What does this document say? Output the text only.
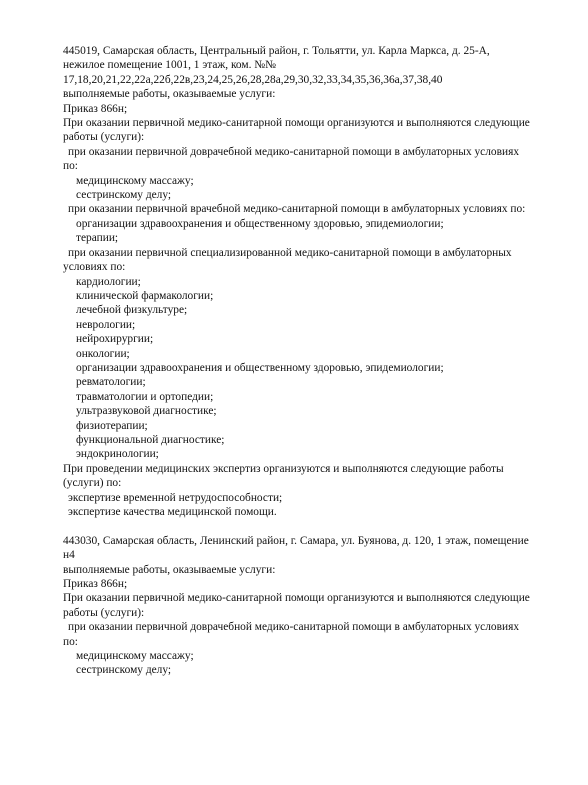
445019, Самарская область, Центральный район, г. Тольятти, ул. Карла Маркса, д. 25-А,
нежилое помещение 1001, 1 этаж, ком. №№
17,18,20,21,22,22а,22б,22в,23,24,25,26,28,28а,29,30,32,33,34,35,36,36а,37,38,40
выполняемые работы, оказываемые услуги:
Приказ 866н;
При оказании первичной медико-санитарной помощи организуются и выполняются следующие
работы (услуги):
при оказании первичной доврачебной медико-санитарной помощи в амбулаторных условиях
по:
медицинскому массажу;
сестринскому делу;
при оказании первичной врачебной медико-санитарной помощи в амбулаторных условиях по:
организации здравоохранения и общественному здоровью, эпидемиологии;
терапии;
при оказании первичной специализированной медико-санитарной помощи в амбулаторных
условиях по:
кардиологии;
клинической фармакологии;
лечебной физкультуре;
неврологии;
нейрохирургии;
онкологии;
организации здравоохранения и общественному здоровью, эпидемиологии;
ревматологии;
травматологии и ортопедии;
ультразвуковой диагностике;
физиотерапии;
функциональной диагностике;
эндокринологии;
При проведении медицинских экспертиз организуются и выполняются следующие работы
(услуги) по:
экспертизе временной нетрудоспособности;
экспертизе качества медицинской помощи.
443030, Самарская область, Ленинский район, г. Самара, ул. Буянова, д. 120, 1 этаж, помещение
н4
выполняемые работы, оказываемые услуги:
Приказ 866н;
При оказании первичной медико-санитарной помощи организуются и выполняются следующие
работы (услуги):
при оказании первичной доврачебной медико-санитарной помощи в амбулаторных условиях
по:
медицинскому массажу;
сестринскому делу;
